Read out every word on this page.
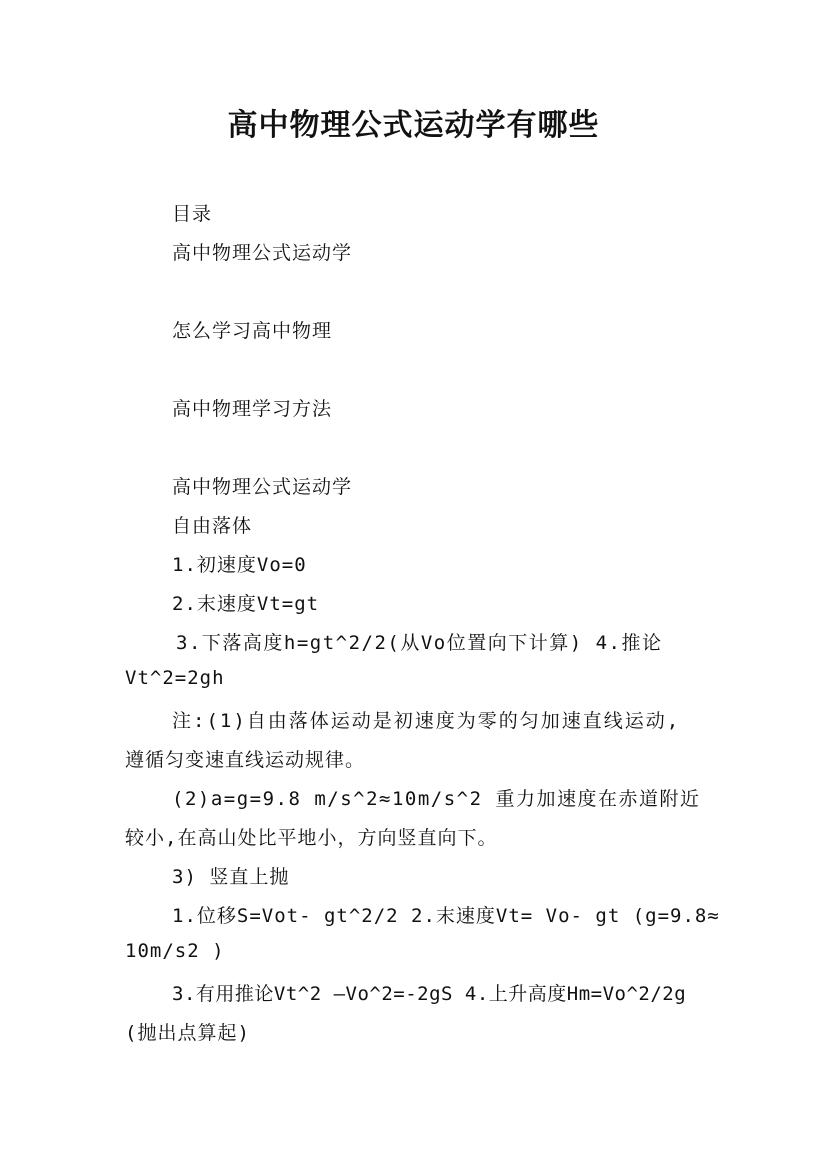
高中物理公式运动学有哪些
目录
高中物理公式运动学
怎么学习高中物理
高中物理学习方法
高中物理公式运动学
自由落体
1.初速度Vo=0
2.末速度Vt=gt
3.下落高度h=gt^2/2(从Vo位置向下计算) 4.推论
Vt^2=2gh
注:(1)自由落体运动是初速度为零的匀加速直线运动,
遵循匀变速直线运动规律。
(2)a=g=9.8 m/s^2≈10m/s^2 重力加速度在赤道附近
较小,在高山处比平地小，方向竖直向下。
3) 竖直上抛
1.位移S=Vot- gt^2/2 2.末速度Vt= Vo- gt (g=9.8≈
10m/s2 )
3.有用推论Vt^2 –Vo^2=-2gS 4.上升高度Hm=Vo^2/2g
(抛出点算起)
